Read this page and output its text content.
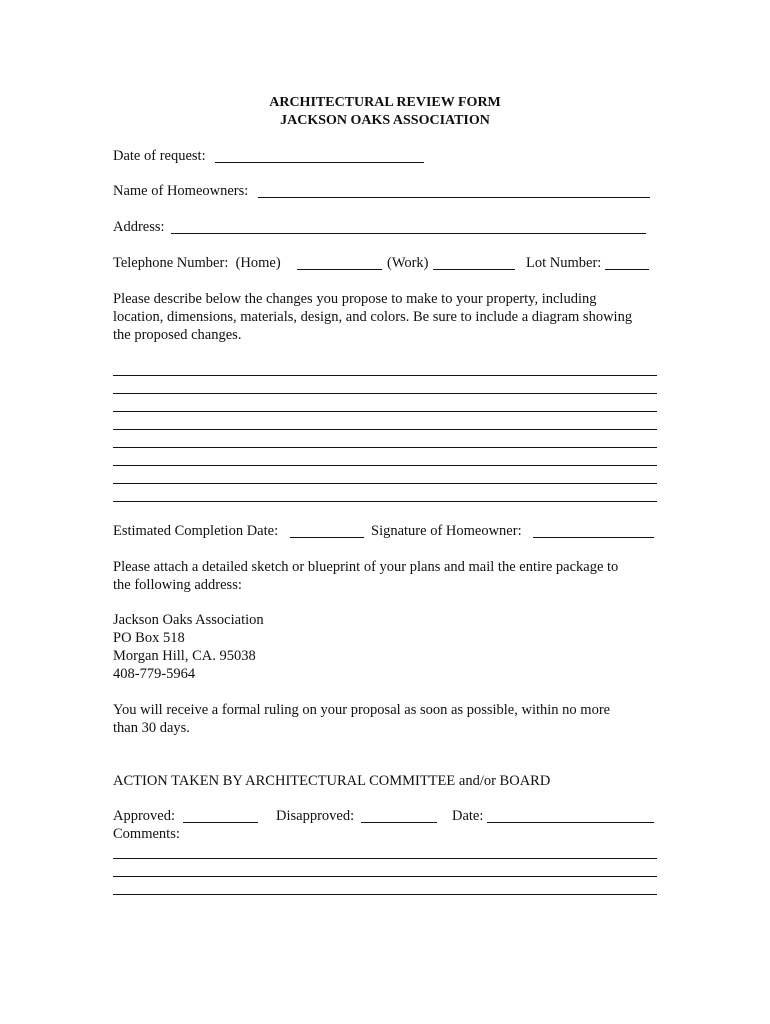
ARCHITECTURAL REVIEW FORM
JACKSON OAKS ASSOCIATION
Date of request:
Name of Homeowners:
Address:
Telephone Number:  (Home)	(Work)	Lot Number:
Please describe below the changes you propose to make to your property, including
location, dimensions, materials, design, and colors. Be sure to include a diagram showing
the proposed changes.
Estimated Completion Date:	Signature of Homeowner:
Please attach a detailed sketch or blueprint of your plans and mail the entire package to
the following address:
Jackson Oaks Association
PO Box 518
Morgan Hill, CA. 95038
408-779-5964
You will receive a formal ruling on your proposal as soon as possible, within no more
than 30 days.
ACTION TAKEN BY ARCHITECTURAL COMMITTEE and/or BOARD
Approved:	Disapproved:	Date:
Comments:
